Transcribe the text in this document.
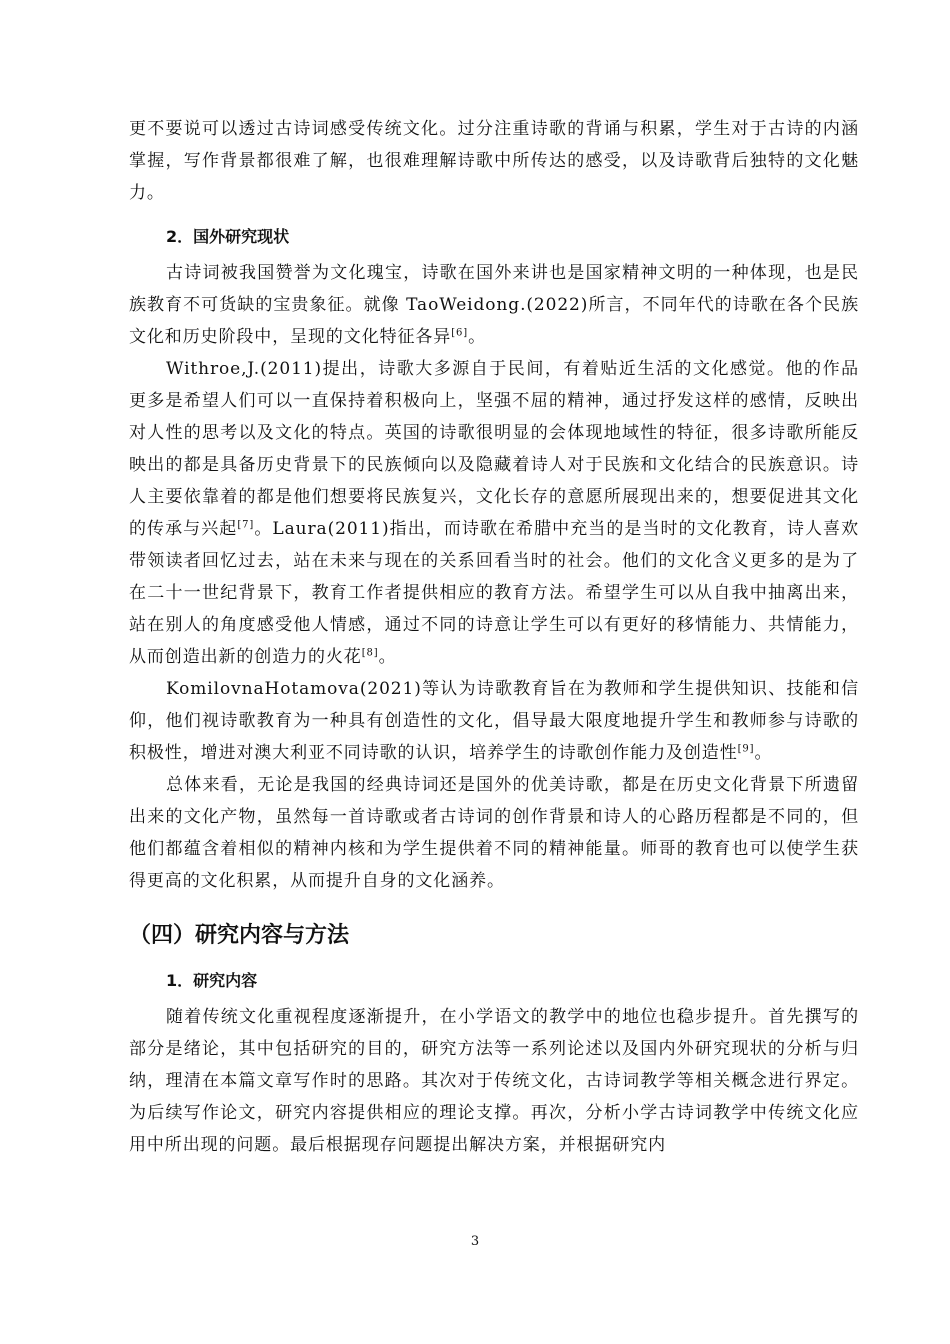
更不要说可以透过古诗词感受传统文化。过分注重诗歌的背诵与积累，学生对于古诗的内涵掌握，写作背景都很难了解，也很难理解诗歌中所传达的感受，以及诗歌背后独特的文化魅力。

2．国外研究现状

古诗词被我国赞誉为文化瑰宝，诗歌在国外来讲也是国家精神文明的一种体现，也是民族教育不可货缺的宝贵象征。就像 TaoWeidong.(2022)所言，不同年代的诗歌在各个民族文化和历史阶段中，呈现的文化特征各异[6]。

Withroe,J.(2011)提出，诗歌大多源自于民间，有着贴近生活的文化感觉。他的作品更多是希望人们可以一直保持着积极向上，坚强不屈的精神，通过抒发这样的感情，反映出对人性的思考以及文化的特点。英国的诗歌很明显的会体现地域性的特征，很多诗歌所能反映出的都是具备历史背景下的民族倾向以及隐藏着诗人对于民族和文化结合的民族意识。诗人主要依靠着的都是他们想要将民族复兴，文化长存的意愿所展现出来的，想要促进其文化的传承与兴起[7]。Laura(2011)指出，而诗歌在希腊中充当的是当时的文化教育，诗人喜欢带领读者回忆过去，站在未来与现在的关系回看当时的社会。他们的文化含义更多的是为了在二十一世纪背景下，教育工作者提供相应的教育方法。希望学生可以从自我中抽离出来，站在别人的角度感受他人情感，通过不同的诗意让学生可以有更好的移情能力、共情能力，从而创造出新的创造力的火花[8]。

KomilovnaHotamova(2021)等认为诗歌教育旨在为教师和学生提供知识、技能和信仰，他们视诗歌教育为一种具有创造性的文化，倡导最大限度地提升学生和教师参与诗歌的积极性，增进对澳大利亚不同诗歌的认识，培养学生的诗歌创作能力及创造性[9]。

总体来看，无论是我国的经典诗词还是国外的优美诗歌，都是在历史文化背景下所遗留出来的文化产物，虽然每一首诗歌或者古诗词的创作背景和诗人的心路历程都是不同的，但他们都蕴含着相似的精神内核和为学生提供着不同的精神能量。师哥的教育也可以使学生获得更高的文化积累，从而提升自身的文化涵养。

（四）研究内容与方法
1．研究内容

随着传统文化重视程度逐渐提升，在小学语文的教学中的地位也稳步提升。首先撰写的部分是绪论，其中包括研究的目的，研究方法等一系列论述以及国内外研究现状的分析与归纳，理清在本篇文章写作时的思路。其次对于传统文化，古诗词教学等相关概念进行界定。为后续写作论文，研究内容提供相应的理论支撑。再次，分析小学古诗词教学中传统文化应用中所出现的问题。最后根据现存问题提出解决方案，并根据研究内

3
